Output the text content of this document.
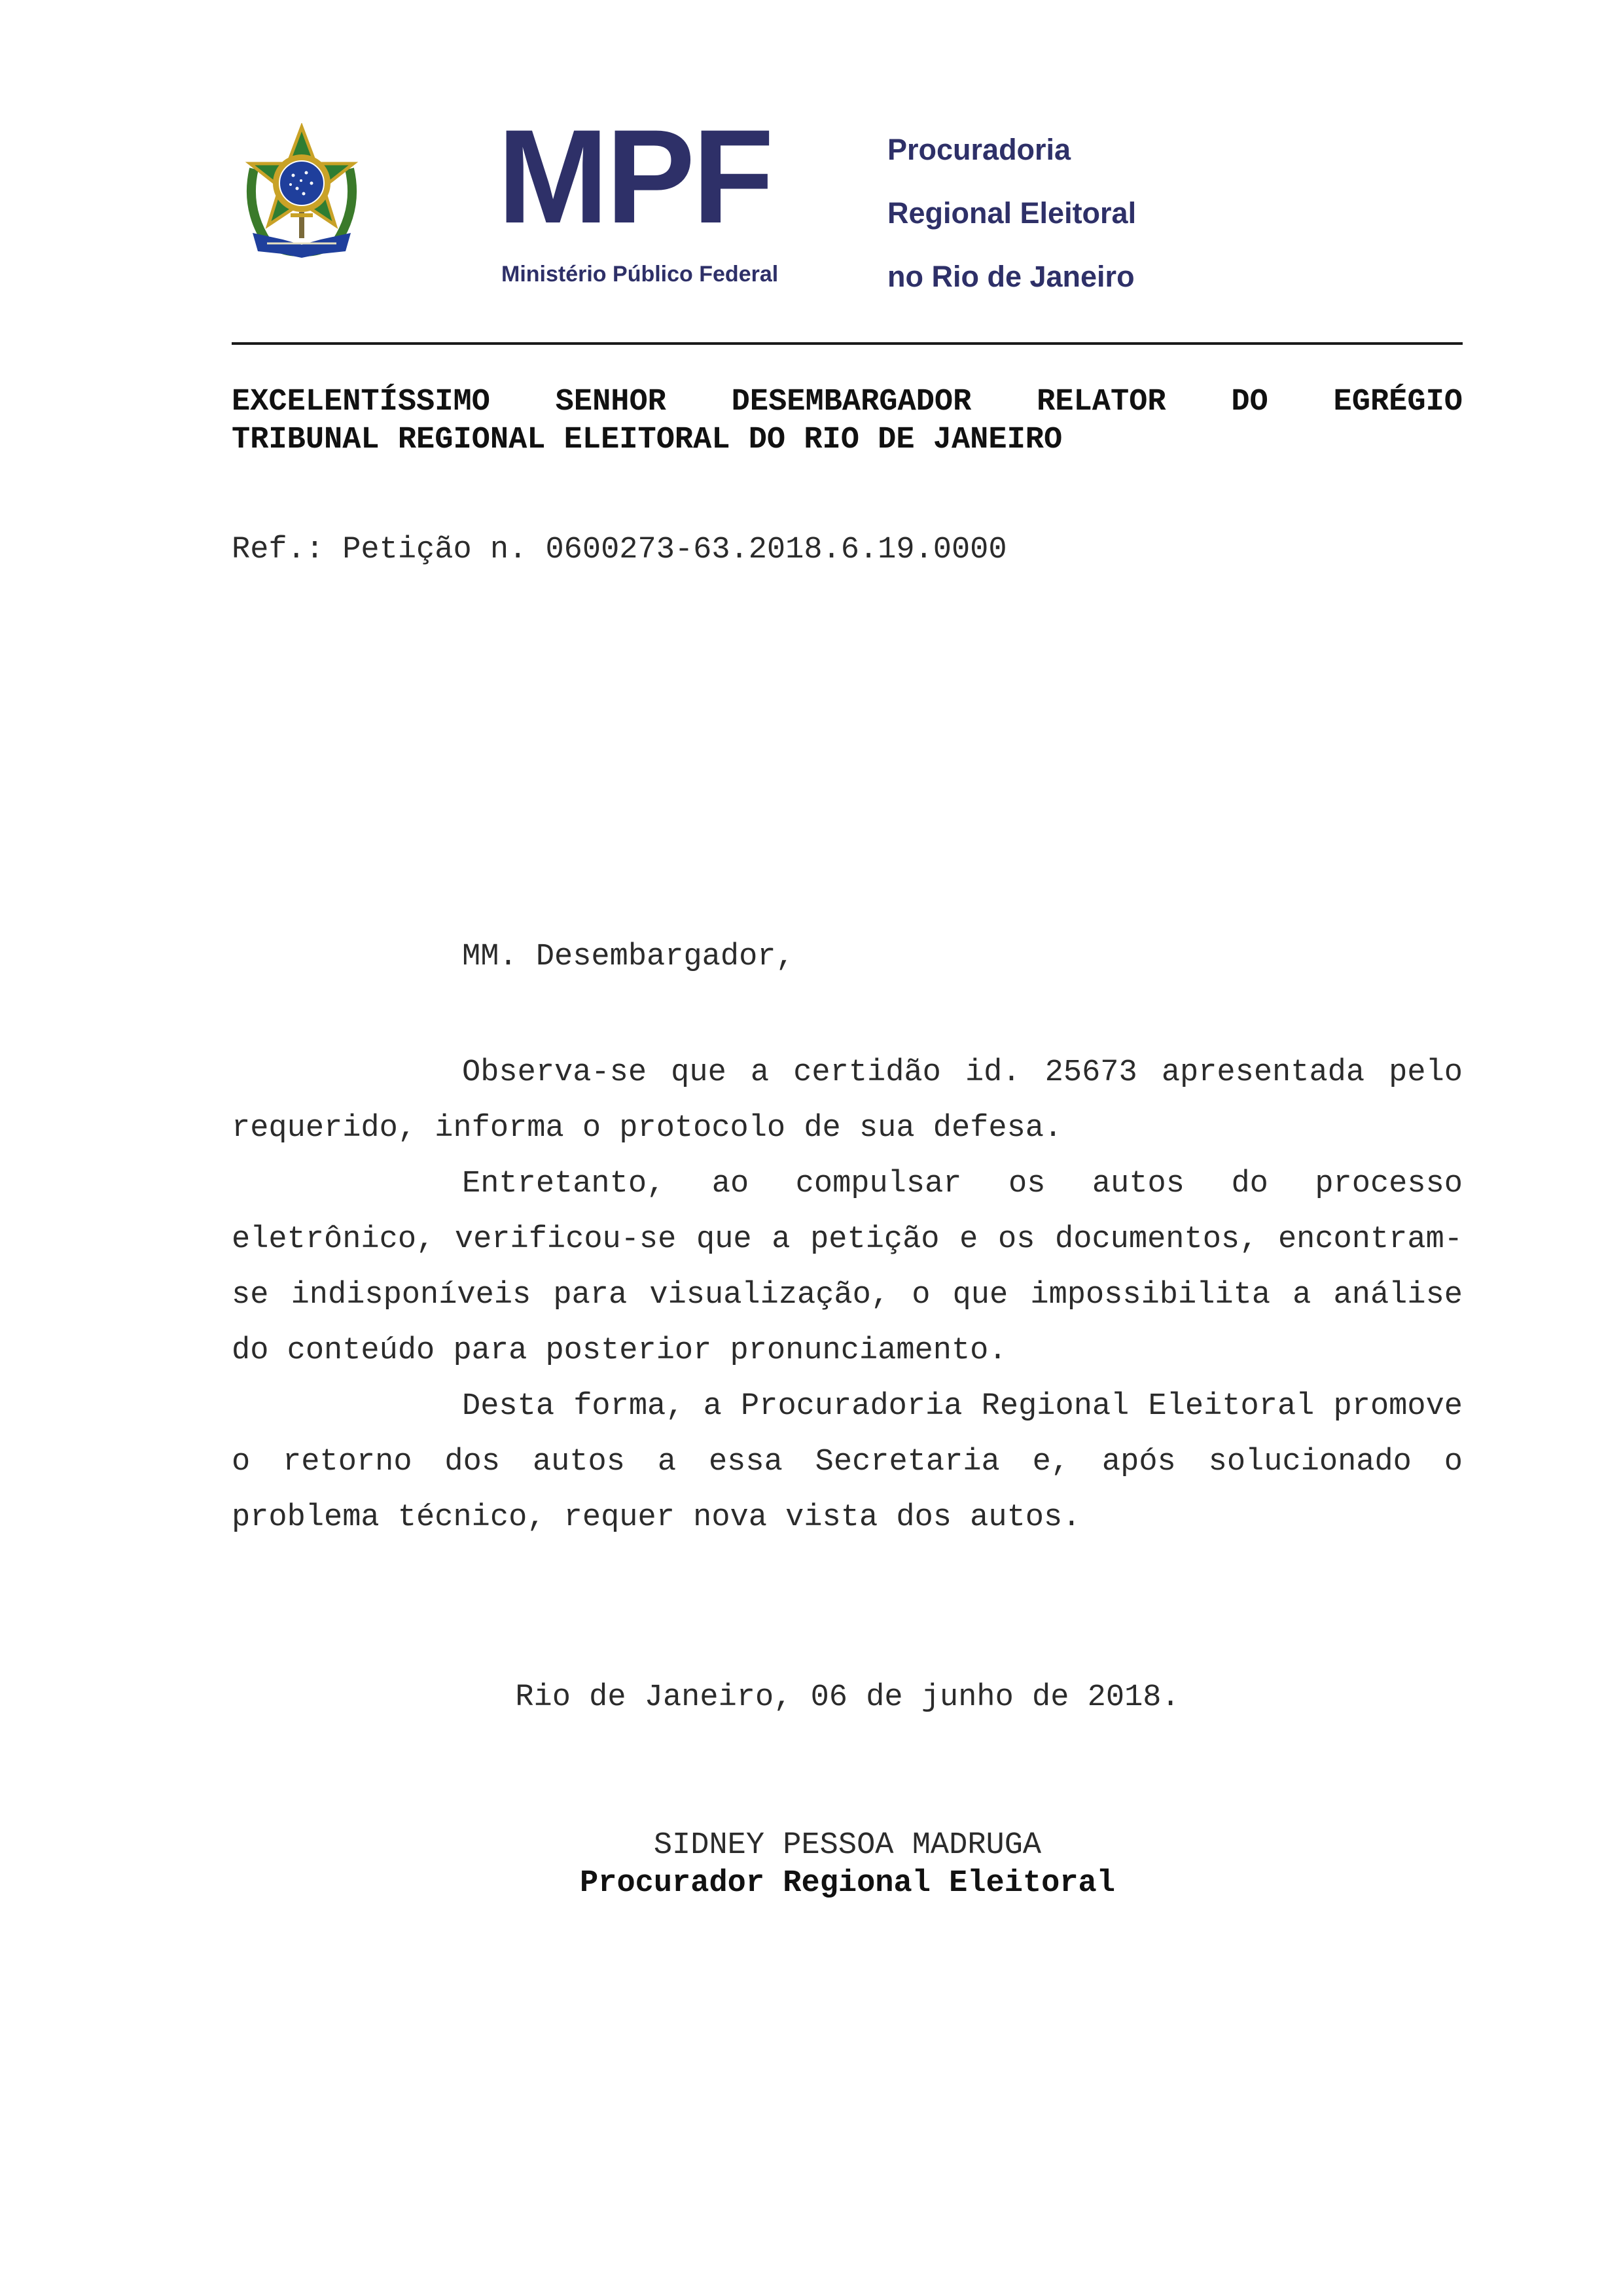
MPF
Ministério Público Federal
Procuradoria
Regional Eleitoral
no Rio de Janeiro
EXCELENTÍSSIMO SENHOR DESEMBARGADOR RELATOR DO EGRÉGIO
TRIBUNAL REGIONAL ELEITORAL DO RIO DE JANEIRO
Ref.: Petição n. 0600273-63.2018.6.19.0000
MM. Desembargador,

Observa-se que a certidão id. 25673 apresentada pelo requerido, informa o protocolo de sua defesa.

Entretanto, ao compulsar os autos do processo eletrônico, verificou-se que a petição e os documentos, encontram-se indisponíveis para visualização, o que impossibilita a análise do conteúdo para posterior pronunciamento.

Desta forma, a Procuradoria Regional Eleitoral promove o retorno dos autos a essa Secretaria e, após solucionado o problema técnico, requer nova vista dos autos.

Rio de Janeiro, 06 de junho de 2018.
SIDNEY PESSOA MADRUGA
Procurador Regional Eleitoral
